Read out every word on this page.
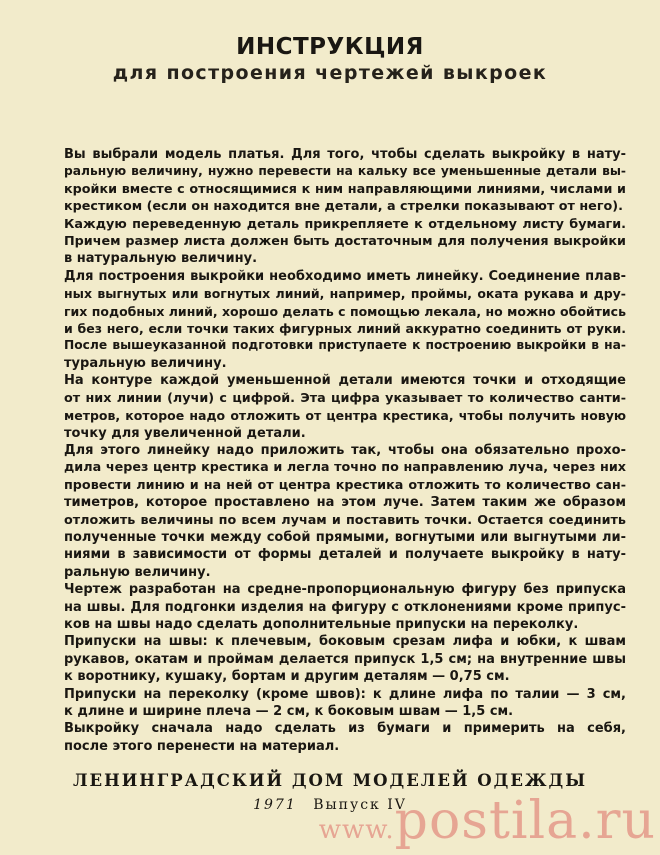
ИНСТРУКЦИЯ
для построения чертежей выкроек
Вы выбрали модель платья. Для того, чтобы сделать выкройку в нату-
ральную величину, нужно перевести на кальку все уменьшенные детали вы-
кройки вместе с относящимися к ним направляющими линиями, числами и
крестиком (если он находится вне детали, а стрелки показывают от него).
Каждую переведенную деталь прикрепляете к отдельному листу бумаги.
Причем размер листа должен быть достаточным для получения выкройки
в натуральную величину.
Для построения выкройки необходимо иметь линейку. Соединение плав-
ных выгнутых или вогнутых линий, например, проймы, оката рукава и дру-
гих подобных линий, хорошо делать с помощью лекала, но можно обойтись
и без него, если точки таких фигурных линий аккуратно соединить от руки.
После вышеуказанной подготовки приступаете к построению выкройки в на-
туральную величину.
На контуре каждой уменьшенной детали имеются точки и отходящие
от них линии (лучи) с цифрой. Эта цифра указывает то количество санти-
метров, которое надо отложить от центра крестика, чтобы получить новую
точку для увеличенной детали.
Для этого линейку надо приложить так, чтобы она обязательно прохо-
дила через центр крестика и легла точно по направлению луча, через них
провести линию и на ней от центра крестика отложить то количество сан-
тиметров, которое проставлено на этом луче. Затем таким же образом
отложить величины по всем лучам и поставить точки. Остается соединить
полученные точки между собой прямыми, вогнутыми или выгнутыми ли-
ниями в зависимости от формы деталей и получаете выкройку в нату-
ральную величину.
Чертеж разработан на средне-пропорциональную фигуру без припуска
на швы. Для подгонки изделия на фигуру с отклонениями кроме припус-
ков на швы надо сделать дополнительные припуски на переколку.
Припуски на швы: к плечевым, боковым срезам лифа и юбки, к швам
рукавов, окатам и проймам делается припуск 1,5 см; на внутренние швы
к воротнику, кушаку, бортам и другим деталям — 0,75 см.
Припуски на переколку (кроме швов): к длине лифа по талии — 3 см,
к длине и ширине плеча — 2 см, к боковым швам — 1,5 см.
Выкройку сначала надо сделать из бумаги и примерить на себя,
после этого перенести на материал.
ЛЕНИНГРАДСКИЙ ДОМ МОДЕЛЕЙ ОДЕЖДЫ
1971 Выпуск IV
www.postila.ru
